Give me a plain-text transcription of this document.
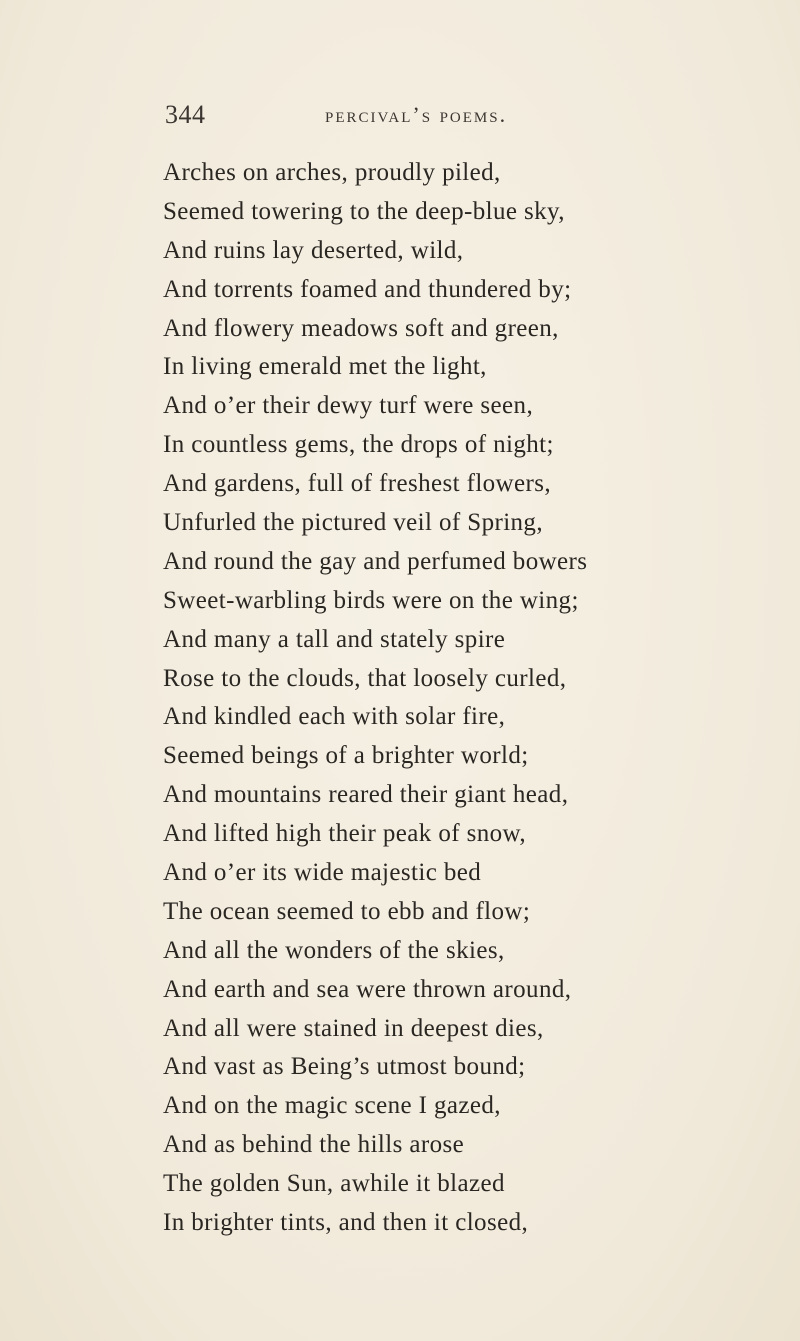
344	percival’s poems.
Arches on arches, proudly piled,
Seemed towering to the deep-blue sky,
And ruins lay deserted, wild,
And torrents foamed and thundered by;
And flowery meadows soft and green,
In living emerald met the light,
And o’er their dewy turf were seen,
In countless gems, the drops of night;
And gardens, full of freshest flowers,
Unfurled the pictured veil of Spring,
And round the gay and perfumed bowers
Sweet-warbling birds were on the wing;
And many a tall and stately spire
Rose to the clouds, that loosely curled,
And kindled each with solar fire,
Seemed beings of a brighter world;
And mountains reared their giant head,
And lifted high their peak of snow,
And o’er its wide majestic bed
The ocean seemed to ebb and flow;
And all the wonders of the skies,
And earth and sea were thrown around,
And all were stained in deepest dies,
And vast as Being’s utmost bound;
And on the magic scene I gazed,
And as behind the hills arose
The golden Sun, awhile it blazed
In brighter tints, and then it closed,
